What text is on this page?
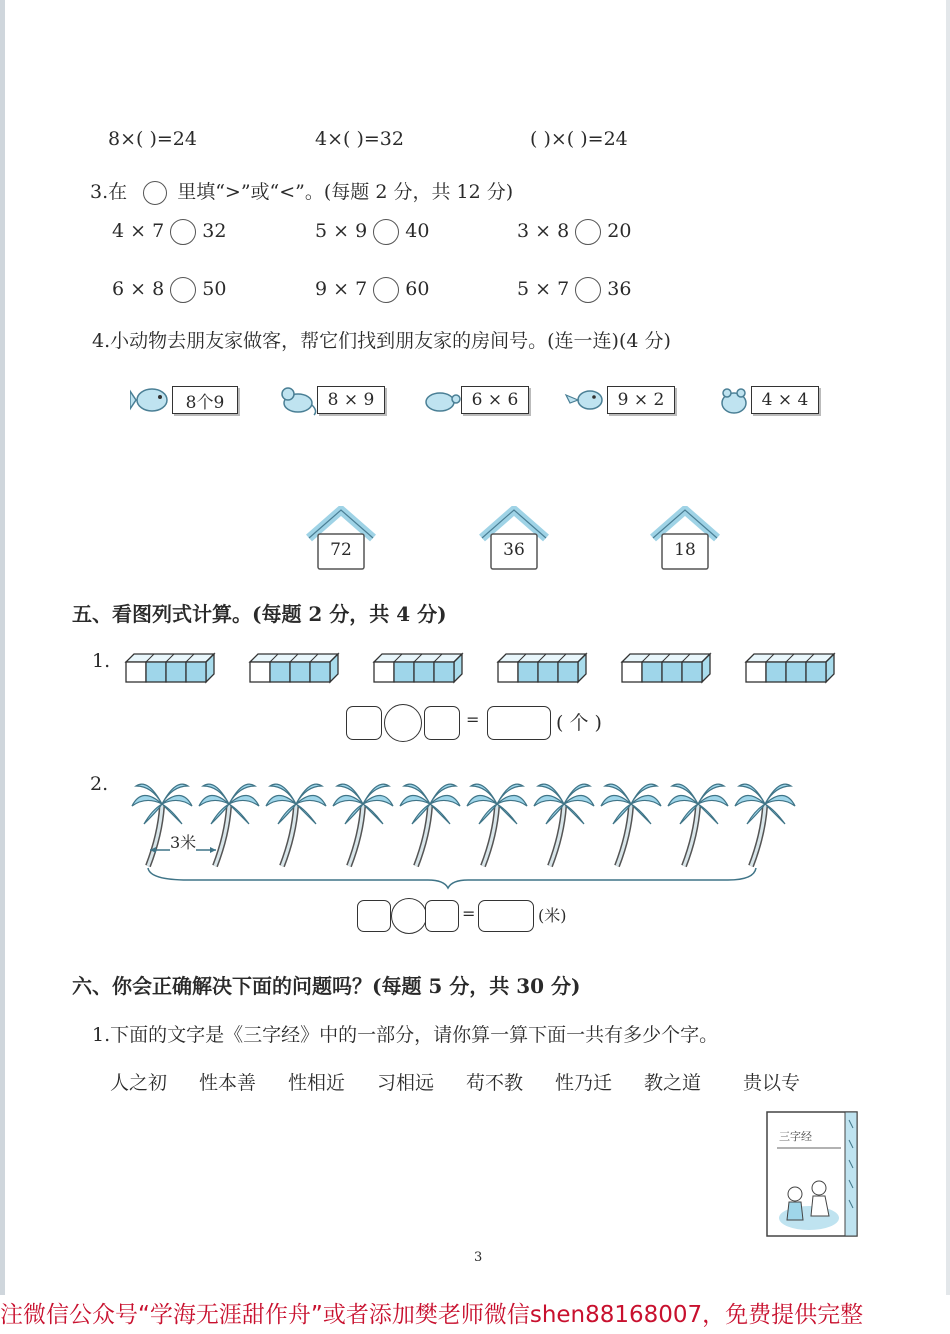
8×( )=24	4×( )=32	( )×( )=24
3.在	里填“>”或“<”。(每题 2 分，共 12 分)
4 × 7 32	5 × 9 40	3 × 8 20
6 × 8 50	9 × 7 60	5 × 7 36
4.小动物去朋友家做客，帮它们找到朋友家的房间号。(连一连)(4 分)
8个9	8 × 9	6 × 6	9 × 2	4 × 4
72	36	18
五、看图列式计算。(每题 2 分，共 4 分)
1.
=	( 个 )
2.
3米
=	(米)
六、你会正确解决下面的问题吗？(每题 5 分，共 30 分)
1.下面的文字是《三字经》中的一部分，请你算一算下面一共有多少个字。
人之初 性本善 性相近 习相远 苟不教 性乃迁 教之道 贵以专
三字经
3
注微信公众号“学海无涯甜作舟”或者添加樊老师微信shen88168007，免费提供完整
